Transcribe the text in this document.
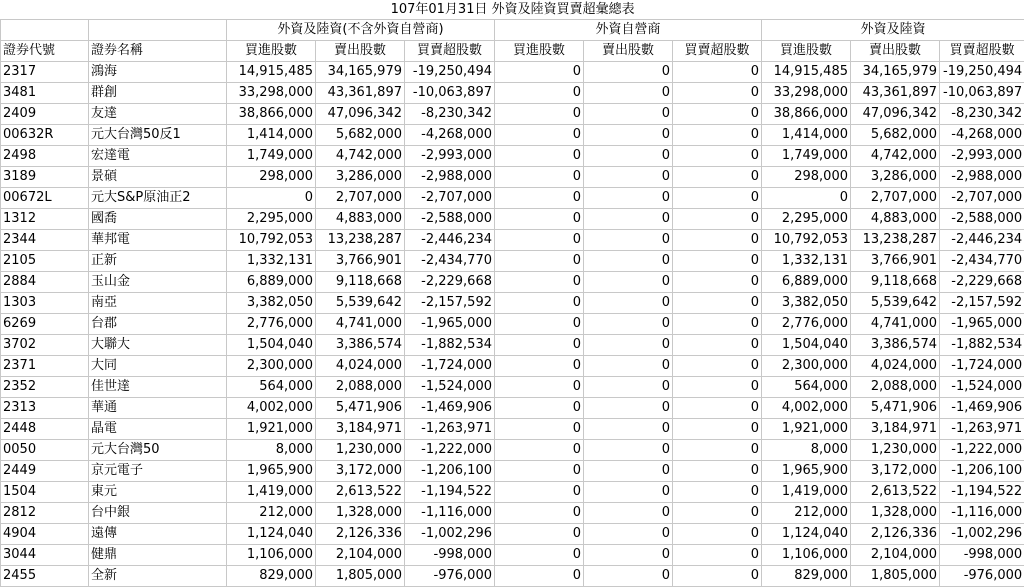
107年01月31日 外資及陸資買賣超彙總表										
		外資及陸資(不含外資自營商)			外資自營商			外資及陸資		
證券代號	證券名稱	買進股數	賣出股數	買賣超股數	買進股數	賣出股數	買賣超股數	買進股數	賣出股數	買賣超股數
2317	鴻海	14,915,485	34,165,979	-19,250,494	0	0	0	14,915,485	34,165,979	-19,250,494
3481	群創	33,298,000	43,361,897	-10,063,897	0	0	0	33,298,000	43,361,897	-10,063,897
2409	友達	38,866,000	47,096,342	-8,230,342	0	0	0	38,866,000	47,096,342	-8,230,342
00632R	元大台灣50反1	1,414,000	5,682,000	-4,268,000	0	0	0	1,414,000	5,682,000	-4,268,000
2498	宏達電	1,749,000	4,742,000	-2,993,000	0	0	0	1,749,000	4,742,000	-2,993,000
3189	景碩	298,000	3,286,000	-2,988,000	0	0	0	298,000	3,286,000	-2,988,000
00672L	元大S&P原油正2	0	2,707,000	-2,707,000	0	0	0	0	2,707,000	-2,707,000
1312	國喬	2,295,000	4,883,000	-2,588,000	0	0	0	2,295,000	4,883,000	-2,588,000
2344	華邦電	10,792,053	13,238,287	-2,446,234	0	0	0	10,792,053	13,238,287	-2,446,234
2105	正新	1,332,131	3,766,901	-2,434,770	0	0	0	1,332,131	3,766,901	-2,434,770
2884	玉山金	6,889,000	9,118,668	-2,229,668	0	0	0	6,889,000	9,118,668	-2,229,668
1303	南亞	3,382,050	5,539,642	-2,157,592	0	0	0	3,382,050	5,539,642	-2,157,592
6269	台郡	2,776,000	4,741,000	-1,965,000	0	0	0	2,776,000	4,741,000	-1,965,000
3702	大聯大	1,504,040	3,386,574	-1,882,534	0	0	0	1,504,040	3,386,574	-1,882,534
2371	大同	2,300,000	4,024,000	-1,724,000	0	0	0	2,300,000	4,024,000	-1,724,000
2352	佳世達	564,000	2,088,000	-1,524,000	0	0	0	564,000	2,088,000	-1,524,000
2313	華通	4,002,000	5,471,906	-1,469,906	0	0	0	4,002,000	5,471,906	-1,469,906
2448	晶電	1,921,000	3,184,971	-1,263,971	0	0	0	1,921,000	3,184,971	-1,263,971
0050	元大台灣50	8,000	1,230,000	-1,222,000	0	0	0	8,000	1,230,000	-1,222,000
2449	京元電子	1,965,900	3,172,000	-1,206,100	0	0	0	1,965,900	3,172,000	-1,206,100
1504	東元	1,419,000	2,613,522	-1,194,522	0	0	0	1,419,000	2,613,522	-1,194,522
2812	台中銀	212,000	1,328,000	-1,116,000	0	0	0	212,000	1,328,000	-1,116,000
4904	遠傳	1,124,040	2,126,336	-1,002,296	0	0	0	1,124,040	2,126,336	-1,002,296
3044	健鼎	1,106,000	2,104,000	-998,000	0	0	0	1,106,000	2,104,000	-998,000
2455	全新	829,000	1,805,000	-976,000	0	0	0	829,000	1,805,000	-976,000
